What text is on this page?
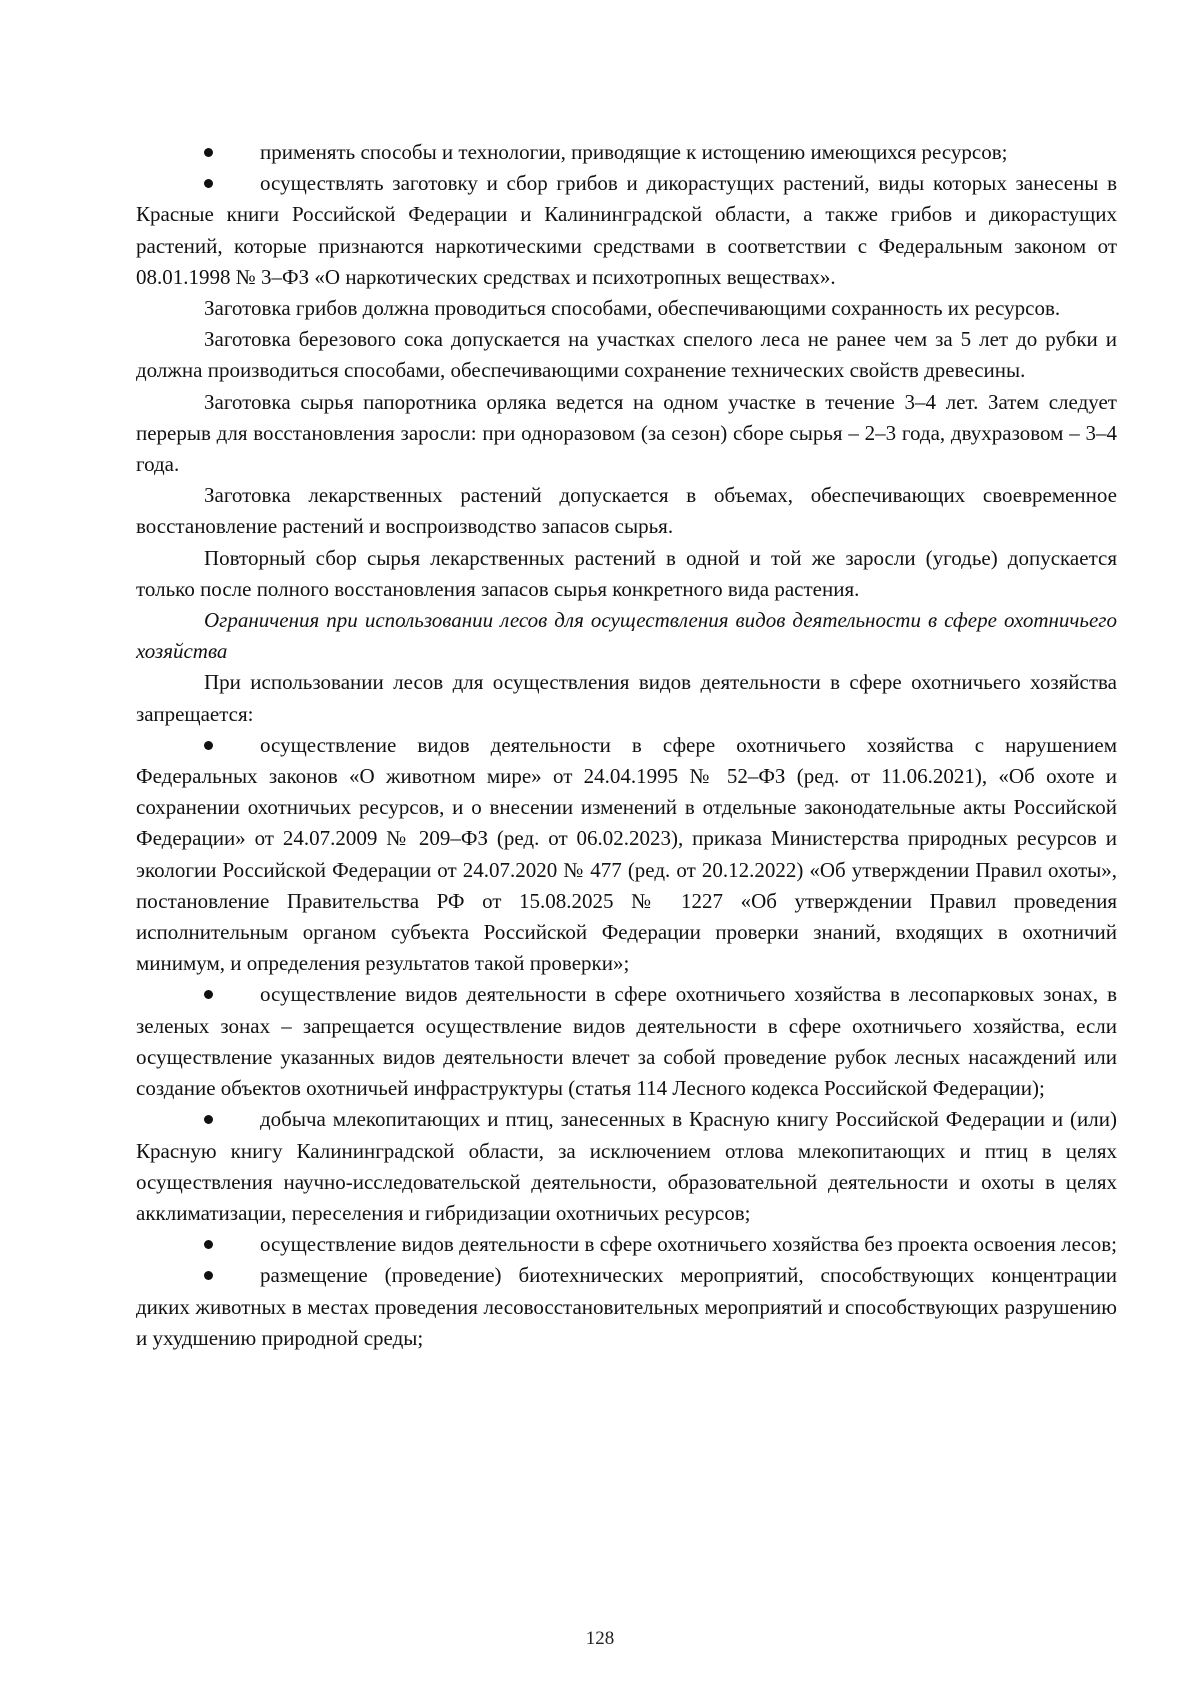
применять способы и технологии, приводящие к истощению имеющихся ресурсов;

осуществлять заготовку и сбор грибов и дикорастущих растений, виды которых занесены в Красные книги Российской Федерации и Калининградской области, а также грибов и дикорастущих растений, которые признаются наркотическими средствами в соответствии с Федеральным законом от 08.01.1998 № 3–ФЗ «О наркотических средствах и психотропных веществах».

Заготовка грибов должна проводиться способами, обеспечивающими сохранность их ресурсов.

Заготовка березового сока допускается на участках спелого леса не ранее чем за 5 лет до рубки и должна производиться способами, обеспечивающими сохранение технических свойств древесины.

Заготовка сырья папоротника орляка ведется на одном участке в течение 3–4 лет. Затем следует перерыв для восстановления заросли: при одноразовом (за сезон) сборе сырья – 2–3 года, двухразовом – 3–4 года.

Заготовка лекарственных растений допускается в объемах, обеспечивающих своевременное восстановление растений и воспроизводство запасов сырья.

Повторный сбор сырья лекарственных растений в одной и той же заросли (угодье) допускается только после полного восстановления запасов сырья конкретного вида растения.

Ограничения при использовании лесов для осуществления видов деятельности в сфере охотничьего хозяйства

При использовании лесов для осуществления видов деятельности в сфере охотничьего хозяйства запрещается:

осуществление видов деятельности в сфере охотничьего хозяйства с нарушением Федеральных законов «О животном мире» от 24.04.1995 № 52–ФЗ (ред. от 11.06.2021), «Об охоте и сохранении охотничьих ресурсов, и о внесении изменений в отдельные законодательные акты Российской Федерации» от 24.07.2009 № 209–ФЗ (ред. от 06.02.2023), приказа Министерства природных ресурсов и экологии Российской Федерации от 24.07.2020 № 477 (ред. от 20.12.2022) «Об утверждении Правил охоты», постановление Правительства РФ от 15.08.2025 № 1227 «Об утверждении Правил проведения исполнительным органом субъекта Российской Федерации проверки знаний, входящих в охотничий минимум, и определения результатов такой проверки»;

осуществление видов деятельности в сфере охотничьего хозяйства в лесопарковых зонах, в зеленых зонах – запрещается осуществление видов деятельности в сфере охотничьего хозяйства, если осуществление указанных видов деятельности влечет за собой проведение рубок лесных насаждений или создание объектов охотничьей инфраструктуры (статья 114 Лесного кодекса Российской Федерации);

добыча млекопитающих и птиц, занесенных в Красную книгу Российской Федерации и (или) Красную книгу Калининградской области, за исключением отлова млекопитающих и птиц в целях осуществления научно-исследовательской деятельности, образовательной деятельности и охоты в целях акклиматизации, переселения и гибридизации охотничьих ресурсов;

осуществление видов деятельности в сфере охотничьего хозяйства без проекта освоения лесов;

размещение (проведение) биотехнических мероприятий, способствующих концентрации диких животных в местах проведения лесовосстановительных мероприятий и способствующих разрушению и ухудшению природной среды;

128
